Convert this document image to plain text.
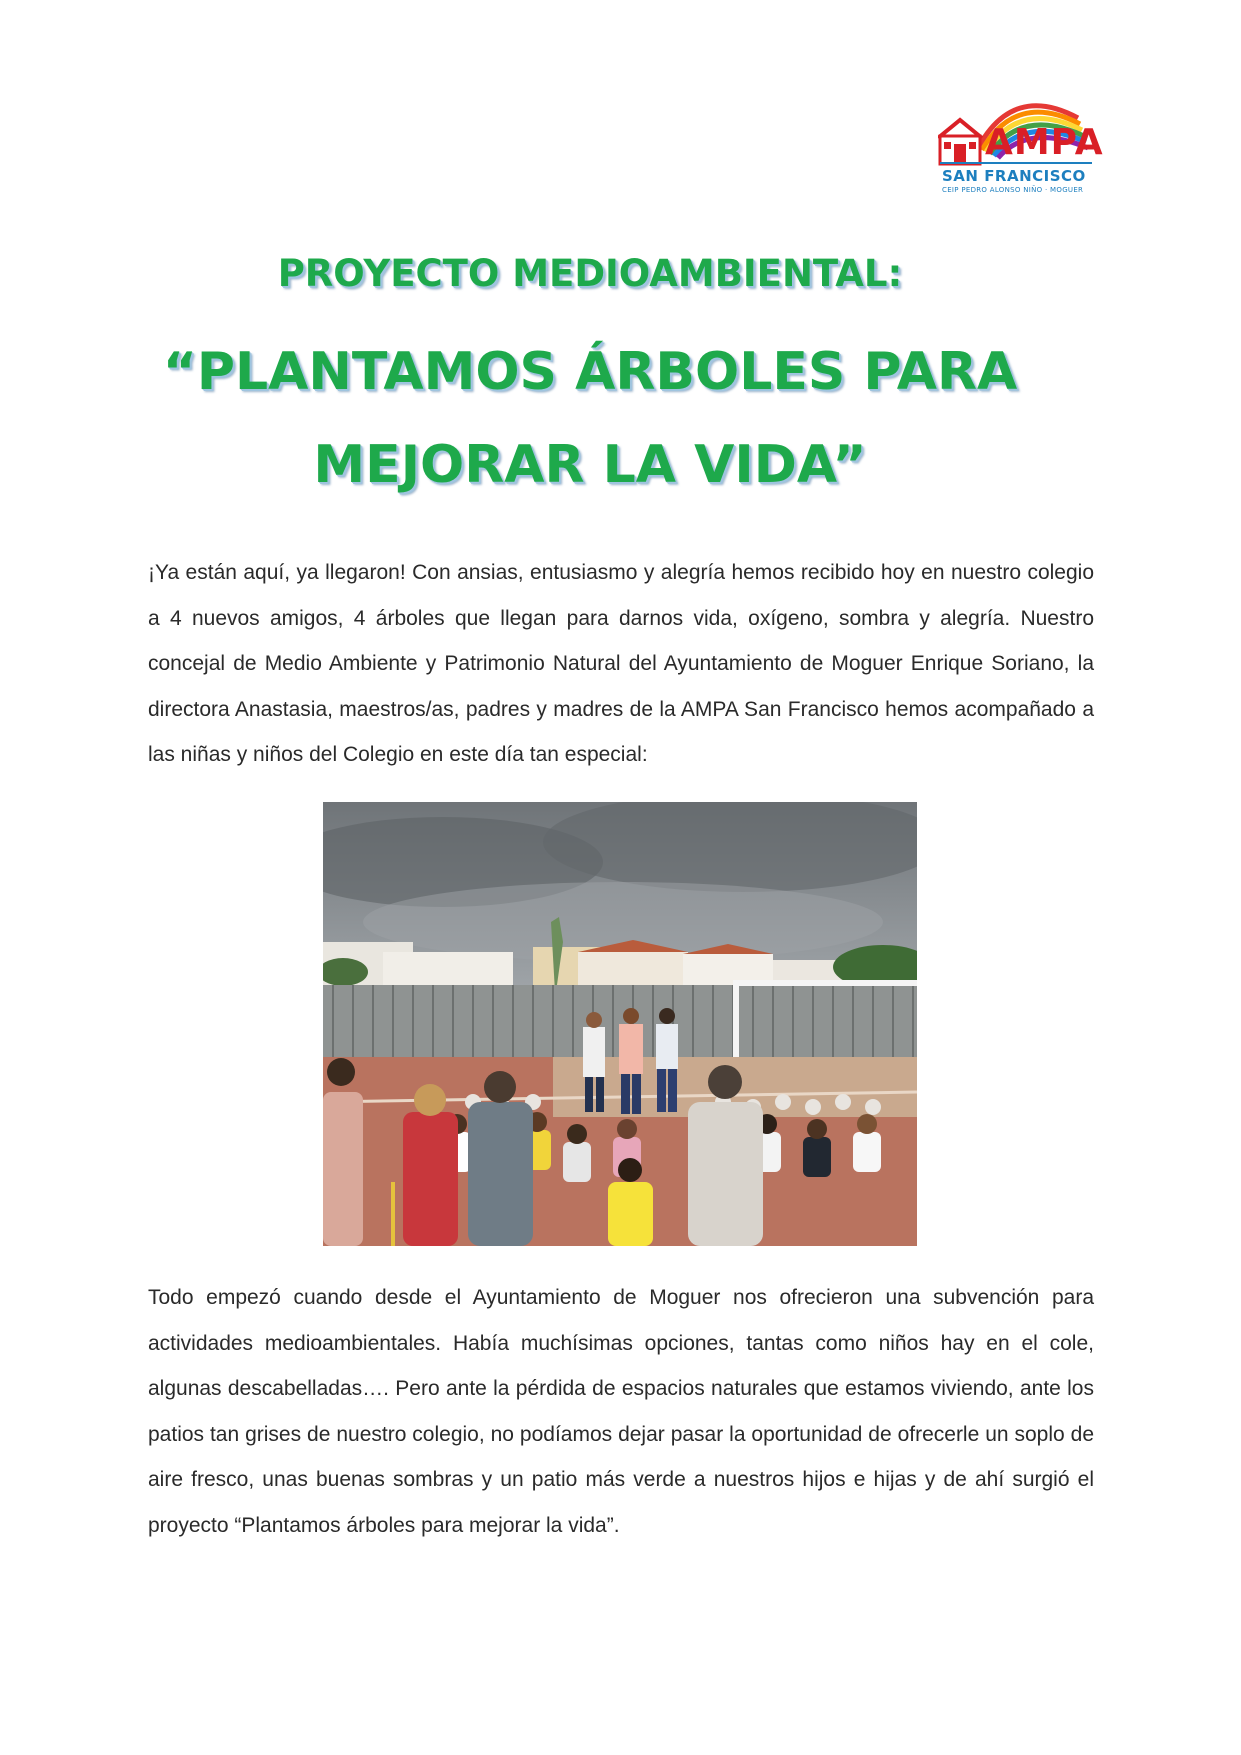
AMPA
SAN FRANCISCO
CEIP PEDRO ALONSO NIÑO · MOGUER
PROYECTO MEDIOAMBIENTAL:
“PLANTAMOS ÁRBOLES PARA
MEJORAR LA VIDA”

¡Ya están aquí, ya llegaron! Con ansias, entusiasmo y alegría hemos recibido hoy en nuestro colegio a 4 nuevos amigos, 4 árboles que llegan para darnos vida, oxígeno, sombra y alegría. Nuestro concejal de Medio Ambiente y Patrimonio Natural del Ayuntamiento de Moguer Enrique Soriano, la directora Anastasia, maestros/as, padres y madres de la AMPA San Francisco hemos acompañado a las niñas y niños del Colegio en este día tan especial:

Todo empezó cuando desde el Ayuntamiento de Moguer nos ofrecieron una subvención para actividades medioambientales. Había muchísimas opciones, tantas como niños hay en el cole, algunas descabelladas…. Pero ante la pérdida de espacios naturales que estamos viviendo, ante los patios tan grises de nuestro colegio, no podíamos dejar pasar la oportunidad de ofrecerle un soplo de aire fresco, unas buenas sombras y un patio más verde a nuestros hijos e hijas y de ahí surgió el proyecto “Plantamos árboles para mejorar la vida”.
